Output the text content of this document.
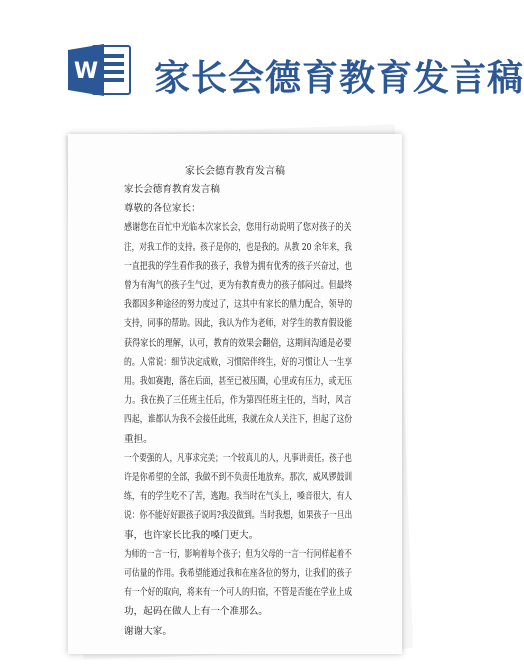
W 家长会德育教育发言稿
家长会德育教育发言稿
家长会德育教育发言稿
尊敬的各位家长：
感谢您在百忙中光临本次家长会，您用行动说明了您对孩子的关
注，对我工作的支持。孩子是你的，也是我的。从教 20 余年来，我
一直把我的学生看作我的孩子，我曾为拥有优秀的孩子兴奋过，也
曾为有淘气的孩子生气过，更为有教育费力的孩子郁闷过。但最终
我都因多种途径的努力度过了，这其中有家长的鼎力配合，领导的
支持，同事的帮助。因此，我认为作为老师，对学生的教育假设能
获得家长的理解，认可，教育的效果会翻倍，这期间沟通是必要
的。人常说：细节决定成败，习惯陪伴终生，好的习惯让人一生享
用。我如赛跑，落在后面，甚至已被压圈，心里或有压力，或无压
力。我在换了三任班主任后，作为第四任班主任的，当时，风言
四起，谁都认为我不会接任此班，我就在众人关注下，担起了这份
重担。
一个要强的人，凡事求完美；一个较真儿的人，凡事讲责任。孩子也
许是你希望的全部，我做不到不负责任地放弃。那次，威风锣鼓训
练，有的学生吃不了苦，逃跑。我当时在气头上，嗓音很大，有人
说：你不能好好跟孩子说吗?我没做到。当时我想，如果孩子一旦出
事，也许家长比我的嗓门更大。
为师的一言一行，影响着每个孩子；但为父母的一言一行同样起着不
可估量的作用。我希望能通过我和在座各位的努力，让我们的孩子
有一个好的取向，将来有一个可人的归宿，不管是否能在学业上成
功，起码在做人上有一个准那么。
谢谢大家。
